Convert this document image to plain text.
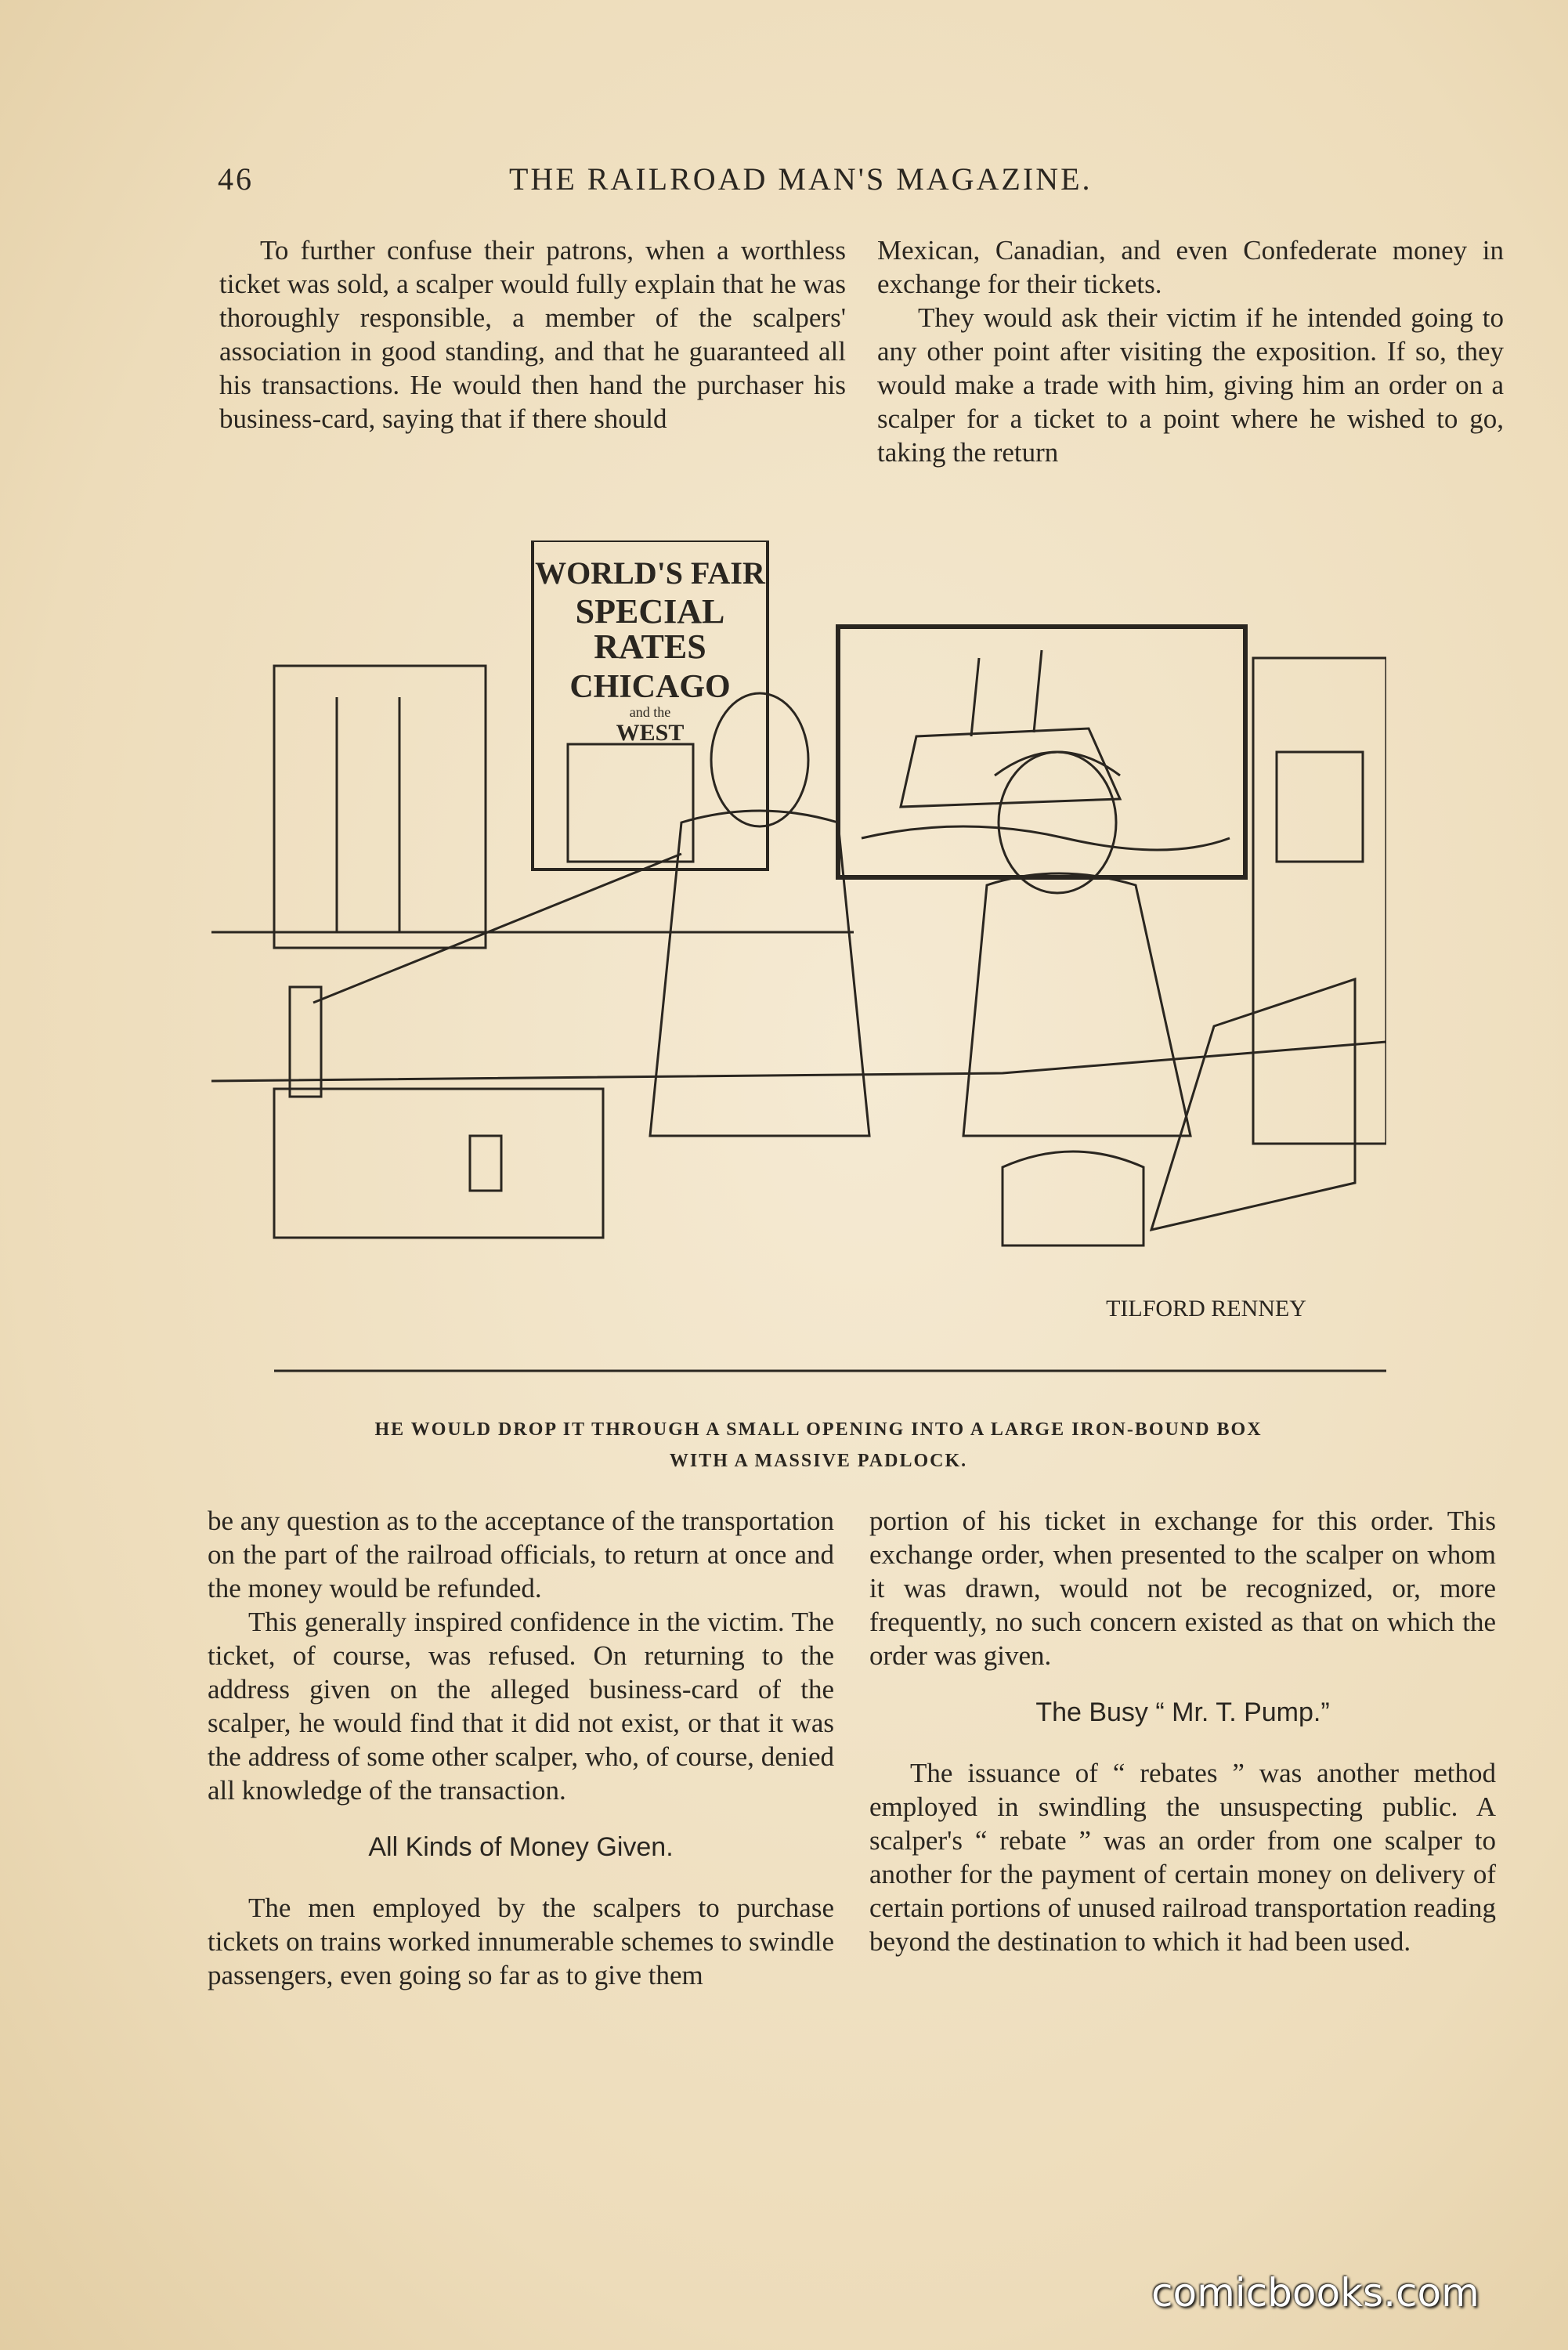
46	THE RAILROAD MAN'S MAGAZINE.

To further confuse their patrons, when a worthless ticket was sold, a scalper would fully explain that he was thoroughly responsible, a member of the scalpers' association in good standing, and that he guaranteed all his transactions. He would then hand the purchaser his business-card, saying that if there should

Mexican, Canadian, and even Confederate money in exchange for their tickets.

They would ask their victim if he intended going to any other point after visiting the exposition. If so, they would make a trade with him, giving him an order on a scalper for a ticket to a point where he wished to go, taking the return

WORLD'S FAIR
SPECIAL
RATES
CHICAGO
and the
WEST
TILFORD RENNEY
HE WOULD DROP IT THROUGH A SMALL OPENING INTO A LARGE IRON-BOUND BOX
WITH A MASSIVE PADLOCK.

be any question as to the acceptance of the transportation on the part of the railroad officials, to return at once and the money would be refunded.

This generally inspired confidence in the victim. The ticket, of course, was refused. On returning to the address given on the alleged business-card of the scalper, he would find that it did not exist, or that it was the address of some other scalper, who, of course, denied all knowledge of the transaction.

All Kinds of Money Given.

The men employed by the scalpers to purchase tickets on trains worked innumerable schemes to swindle passengers, even going so far as to give them

portion of his ticket in exchange for this order. This exchange order, when presented to the scalper on whom it was drawn, would not be recognized, or, more frequently, no such concern existed as that on which the order was given.

The Busy “ Mr. T. Pump.”

The issuance of “ rebates ” was another method employed in swindling the unsuspecting public. A scalper's “ rebate ” was an order from one scalper to another for the payment of certain money on delivery of certain portions of unused railroad transportation reading beyond the destination to which it had been used.

comicbooks.com
